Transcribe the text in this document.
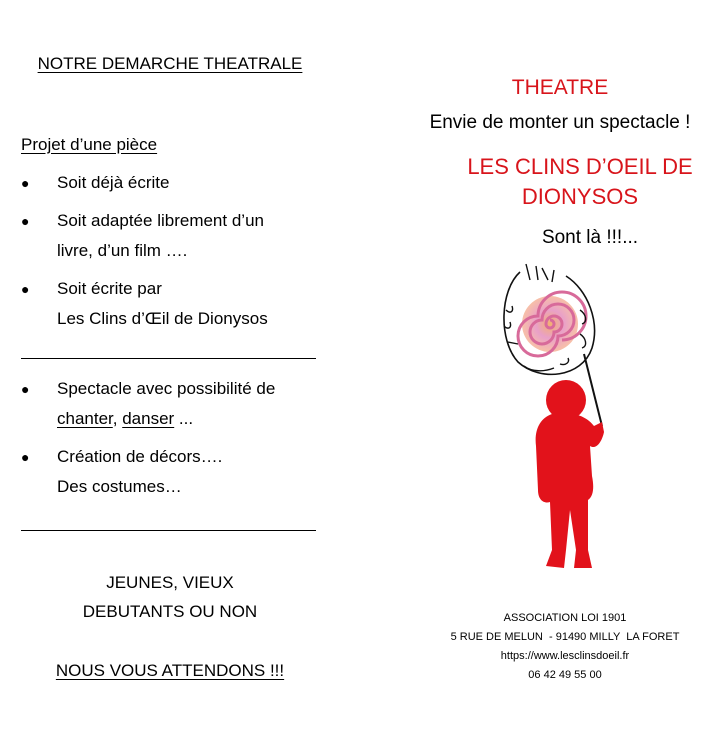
NOTRE DEMARCHE THEATRALE
Projet d’une pièce
● Soit déjà écrite
● Soit adaptée librement d’un
livre, d’un film ….
● Soit écrite par
Les Clins d’Œil de Dionysos
● Spectacle avec possibilité de
chanter, danser ...
● Création de décors….
Des costumes…
JEUNES, VIEUX
DEBUTANTS OU NON
NOUS VOUS ATTENDONS !!!
THEATRE
Envie de monter un spectacle !
LES CLINS D’OEIL DE
DIONYSOS
Sont là !!!...
ASSOCIATION LOI 1901
5 RUE DE MELUN  - 91490 MILLY  LA FORET
https://www.lesclinsdoeil.fr
06 42 49 55 00
